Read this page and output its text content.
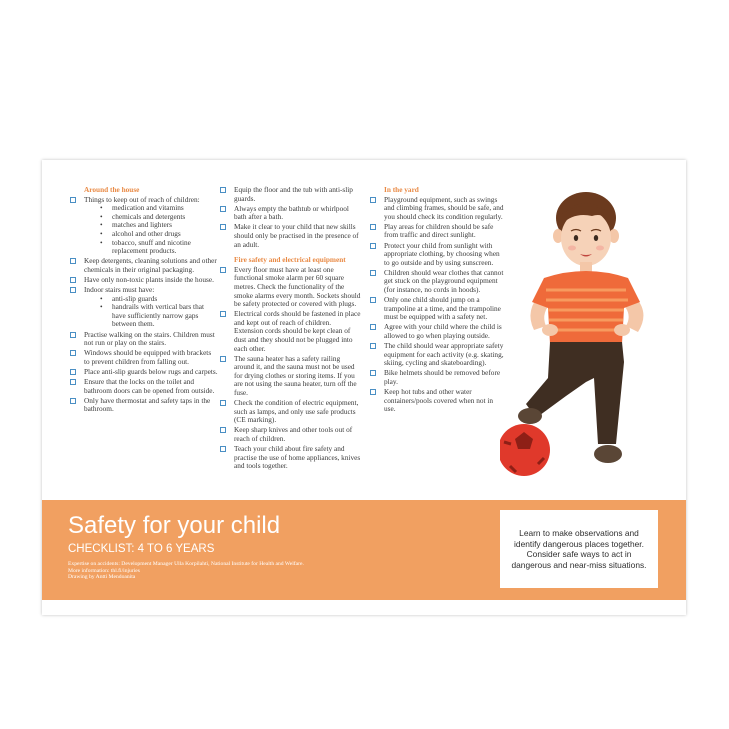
Around the house
Things to keep out of reach of children:
• medication and vitamins
• chemicals and detergents
• matches and lighters
• alcohol and other drugs
• tobacco, snuff and nicotine replacement products.
Keep detergents, cleaning solutions and other chemicals in their original packaging.
Have only non-toxic plants inside the house.
Indoor stairs must have:
• anti-slip guards
• handrails with vertical bars that have sufficiently narrow gaps between them.
Practise walking on the stairs. Children must not run or play on the stairs.
Windows should be equipped with brackets to prevent children from falling out.
Place anti-slip guards below rugs and carpets.
Ensure that the locks on the toilet and bathroom doors can be opened from outside.
Only have thermostat and safety taps in the bathroom.
Equip the floor and the tub with anti-slip guards.
Always empty the bathtub or whirlpool bath after a bath.
Make it clear to your child that new skills should only be practised in the presence of an adult.
Fire safety and electrical equipment
Every floor must have at least one functional smoke alarm per 60 square metres. Check the functionality of the smoke alarms every month. Sockets should be safety protected or covered with plugs.
Electrical cords should be fastened in place and kept out of reach of children. Extension cords should be kept clean of dust and they should not be plugged into each other.
The sauna heater has a safety railing around it, and the sauna must not be used for drying clothes or storing items. If you are not using the sauna heater, turn off the fuse.
Check the condition of electric equipment, such as lamps, and only use safe products (CE marking).
Keep sharp knives and other tools out of reach of children.
Teach your child about fire safety and practise the use of home appliances, knives and tools together.
In the yard
Playground equipment, such as swings and climbing frames, should be safe, and you should check its condition regularly.
Play areas for children should be safe from traffic and direct sunlight.
Protect your child from sunlight with appropriate clothing, by choosing when to go outside and by using sunscreen.
Children should wear clothes that cannot get stuck on the playground equipment (for instance, no cords in hoods).
Only one child should jump on a trampoline at a time, and the trampoline must be equipped with a safety net.
Agree with your child where the child is allowed to go when playing outside.
The child should wear appropriate safety equipment for each activity (e.g. skating, skiing, cycling and skateboarding).
Bike helmets should be removed before play.
Keep hot tubs and other water containers/pools covered when not in use.
Safety for your child
CHECKLIST: 4 TO 6 YEARS
Expertise on accidents: Development Manager Ulla Korpilahti, National Institute for Health and Welfare.
More information: thl.fi/injuries
Drawing by Antti Mendoanita
Learn to make observations and identify dangerous places together. Consider safe ways to act in dangerous and near-miss situations.
